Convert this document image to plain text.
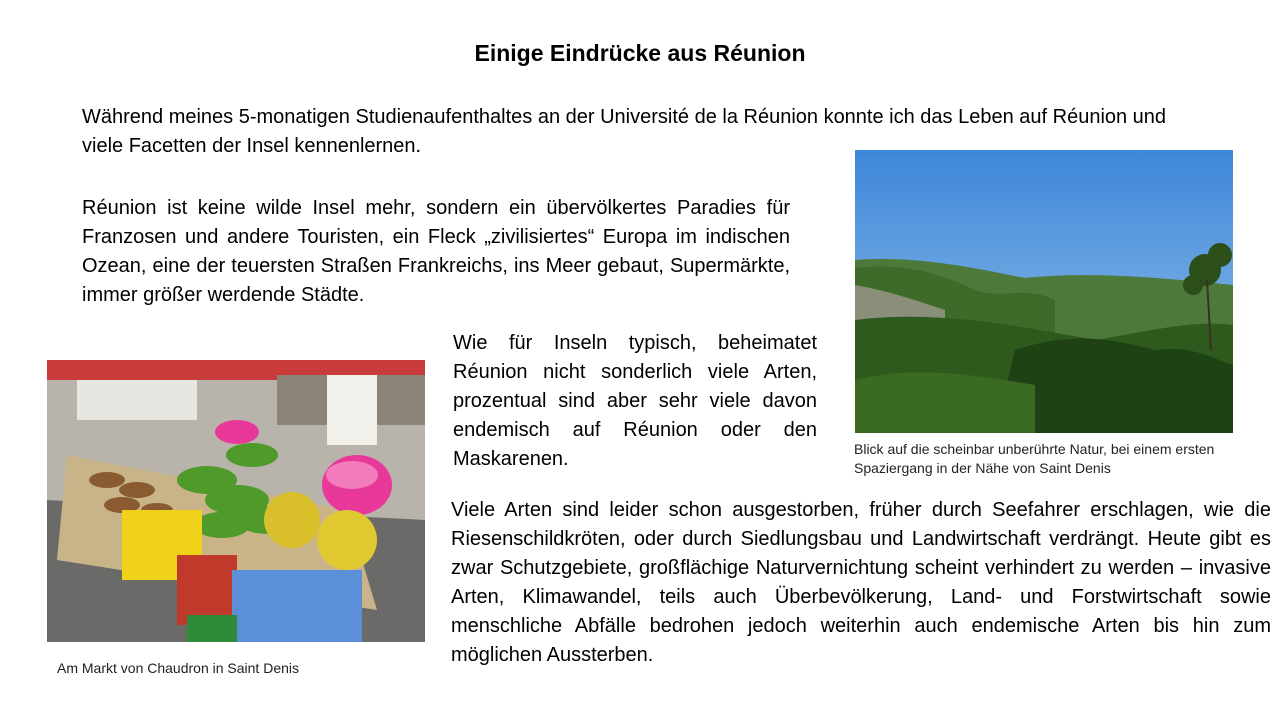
Einige Eindrücke aus Réunion

Während meines 5-monatigen Studienaufenthaltes an der Université de la Réunion konnte ich das Leben auf Réunion und viele Facetten der Insel kennenlernen.

Réunion ist keine wilde Insel mehr, sondern ein übervölkertes Paradies für Franzosen und andere Touristen, ein Fleck „zivilisiertes“ Europa im indischen Ozean, eine der teuersten Straßen Frankreichs, ins Meer gebaut, Supermärkte, immer größer werdende Städte.

Blick auf die scheinbar unberührte Natur, bei einem ersten Spaziergang in der Nähe von Saint Denis

Am Markt von Chaudron in Saint Denis

Wie für Inseln typisch, beheimatet Réunion nicht sonderlich viele Arten, prozentual sind aber sehr viele davon endemisch auf Réunion oder den Maskarenen.

Viele Arten sind leider schon ausgestorben, früher durch Seefahrer erschlagen, wie die Riesenschildkröten, oder durch Siedlungsbau und Landwirtschaft verdrängt. Heute gibt es zwar Schutzgebiete, großflächige Naturvernichtung scheint verhindert zu werden – invasive Arten, Klimawandel, teils auch Überbevölkerung, Land- und Forstwirtschaft sowie menschliche Abfälle bedrohen jedoch weiterhin auch endemische Arten bis hin zum möglichen Aussterben.
